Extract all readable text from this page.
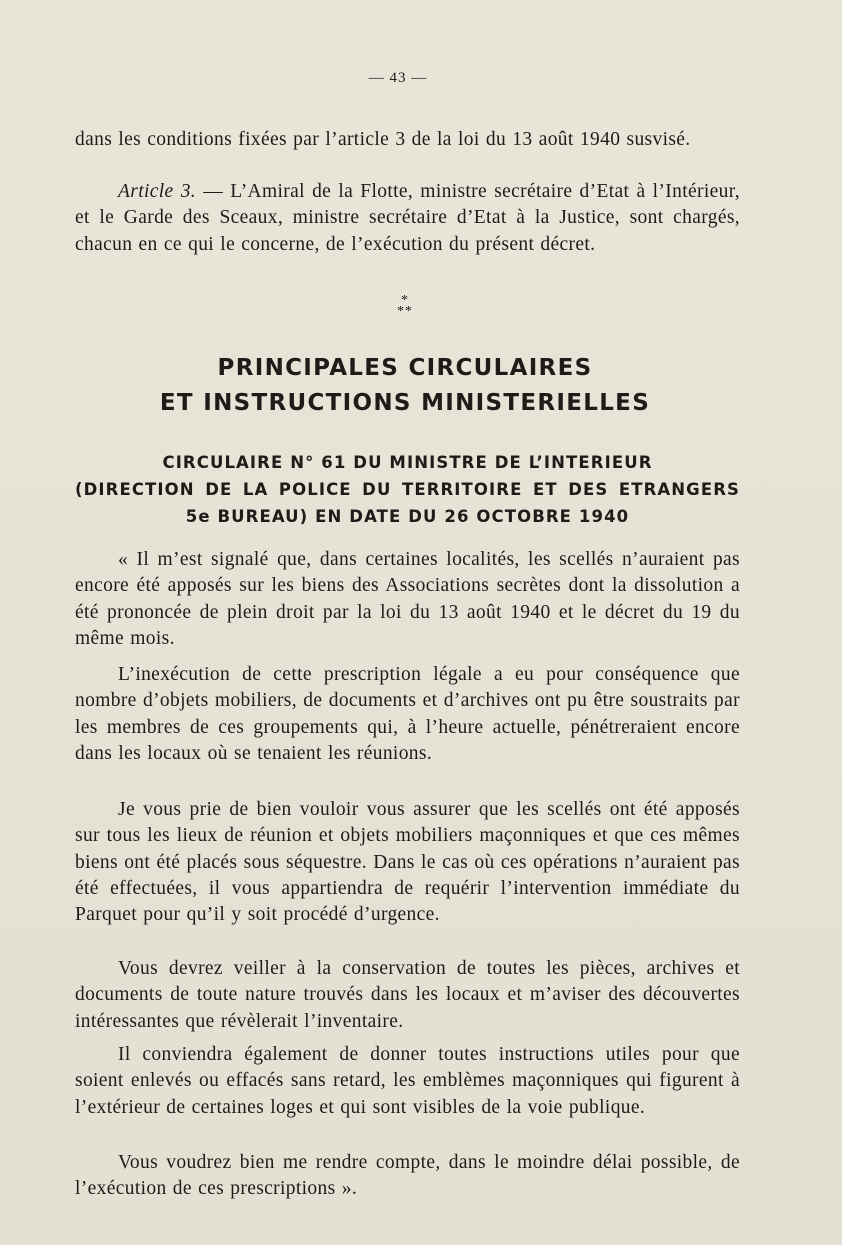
— 43 —
dans les conditions fixées par l’article 3 de la loi du 13 août 1940 susvisé.
Article 3. — L’Amiral de la Flotte, ministre secrétaire d’Etat à l’Intérieur, et le Garde des Sceaux, ministre secrétaire d’Etat à la Justice, sont chargés, chacun en ce qui le concerne, de l’exécution du présent décret.
*
**
PRINCIPALES CIRCULAIRES
ET INSTRUCTIONS MINISTERIELLES
CIRCULAIRE N° 61 DU MINISTRE DE L’INTERIEUR
(DIRECTION DE LA POLICE DU TERRITOIRE ET DES ETRANGERS
5e BUREAU) EN DATE DU 26 OCTOBRE 1940
« Il m’est signalé que, dans certaines localités, les scellés n’auraient pas encore été apposés sur les biens des Associations secrètes dont la dissolution a été prononcée de plein droit par la loi du 13 août 1940 et le décret du 19 du même mois.
L’inexécution de cette prescription légale a eu pour conséquence que nombre d’objets mobiliers, de documents et d’archives ont pu être soustraits par les membres de ces groupements qui, à l’heure actuelle, pénétreraient encore dans les locaux où se tenaient les réunions.
Je vous prie de bien vouloir vous assurer que les scellés ont été apposés sur tous les lieux de réunion et objets mobiliers maçonniques et que ces mêmes biens ont été placés sous séquestre. Dans le cas où ces opérations n’auraient pas été effectuées, il vous appartiendra de requérir l’intervention immédiate du Parquet pour qu’il y soit procédé d’urgence.
Vous devrez veiller à la conservation de toutes les pièces, archives et documents de toute nature trouvés dans les locaux et m’aviser des découvertes intéressantes que révèlerait l’inventaire.
Il conviendra également de donner toutes instructions utiles pour que soient enlevés ou effacés sans retard, les emblèmes maçonniques qui figurent à l’extérieur de certaines loges et qui sont visibles de la voie publique.
Vous voudrez bien me rendre compte, dans le moindre délai possible, de l’exécution de ces prescriptions ».
